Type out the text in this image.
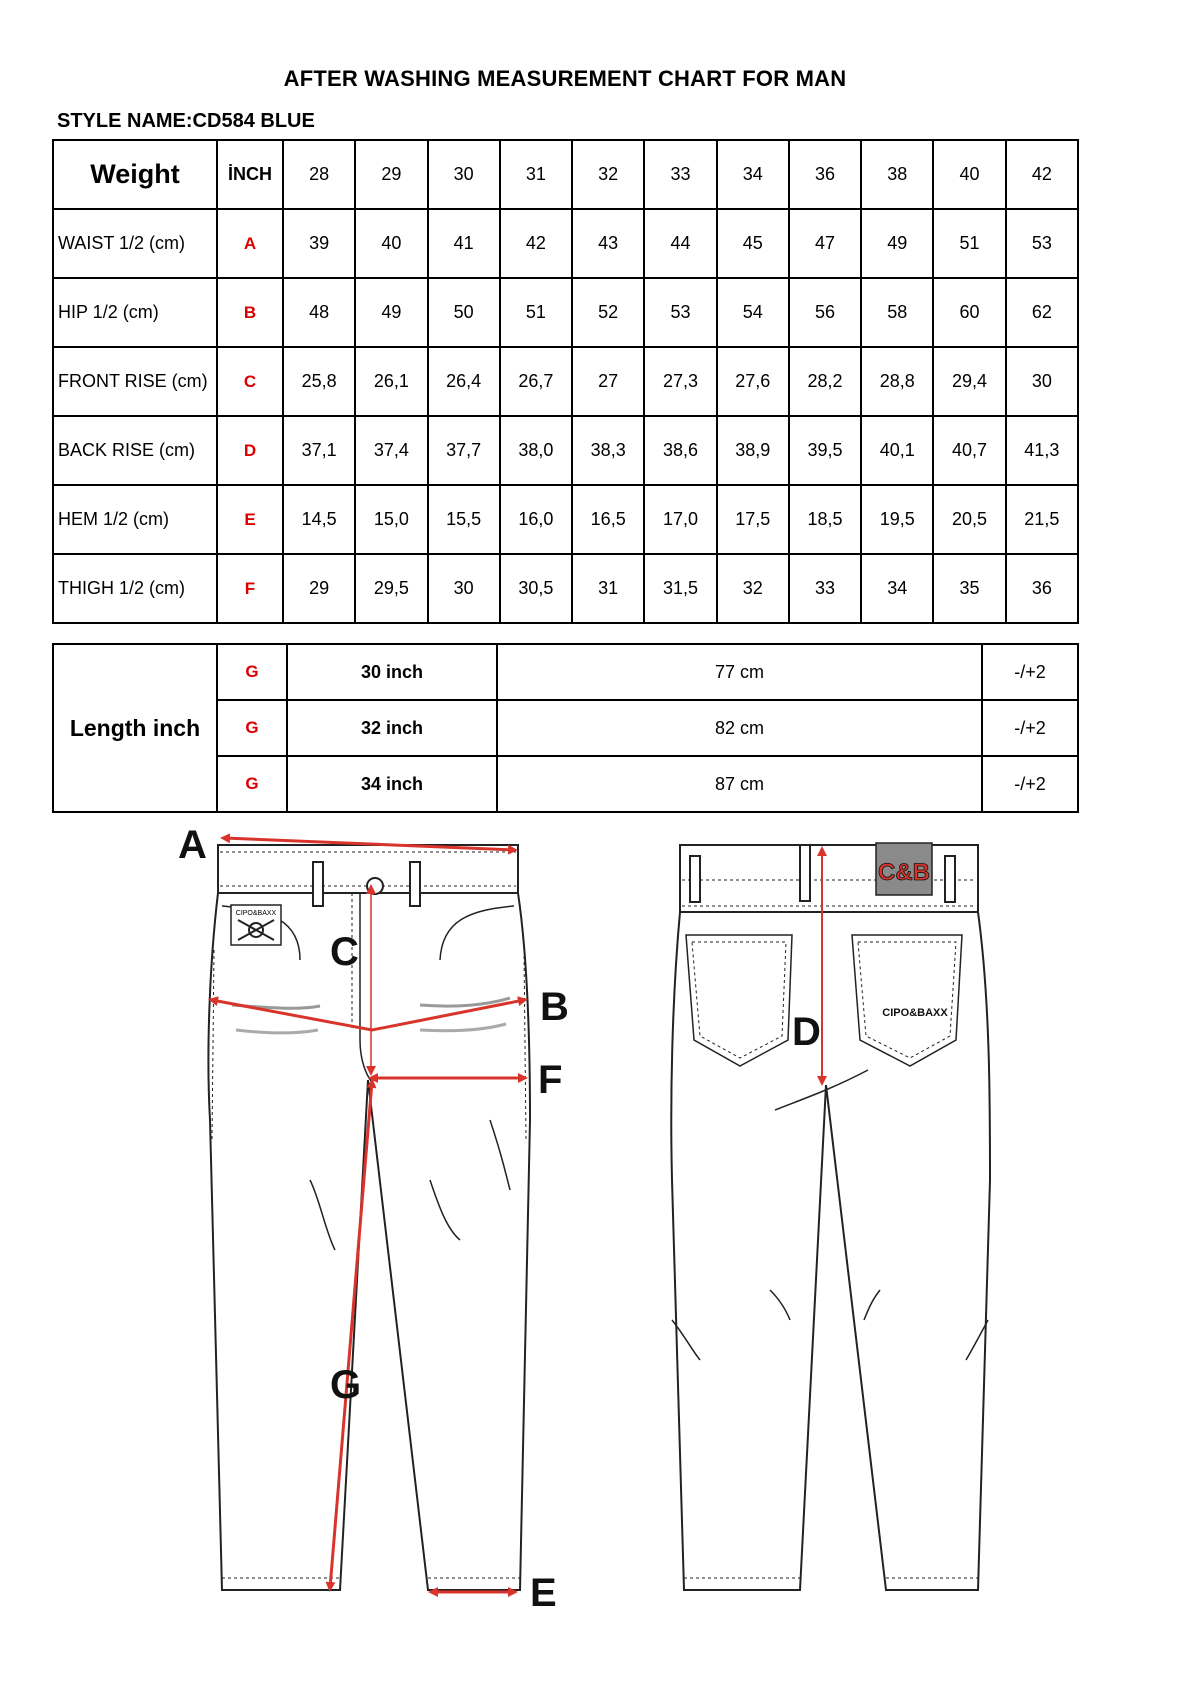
AFTER WASHING MEASUREMENT CHART FOR MAN
STYLE NAME:CD584 BLUE
Weight	İNCH	28	29	30	31	32	33	34	36	38	40	42
WAIST 1/2 (cm)	A	39	40	41	42	43	44	45	47	49	51	53
HIP 1/2 (cm)	B	48	49	50	51	52	53	54	56	58	60	62
FRONT RISE (cm)	C	25,8	26,1	26,4	26,7	27	27,3	27,6	28,2	28,8	29,4	30
BACK RISE (cm)	D	37,1	37,4	37,7	38,0	38,3	38,6	38,9	39,5	40,1	40,7	41,3
HEM 1/2 (cm)	E	14,5	15,0	15,5	16,0	16,5	17,0	17,5	18,5	19,5	20,5	21,5
THIGH 1/2 (cm)	F	29	29,5	30	30,5	31	31,5	32	33	34	35	36
Length inch	G	30 inch	77 cm	-/+2
	G	32 inch	82 cm	-/+2
	G	34 inch	87 cm	-/+2
CIPO&BAXX
A
C
B
F
G
E
D
C&B
CIPO&BAXX
